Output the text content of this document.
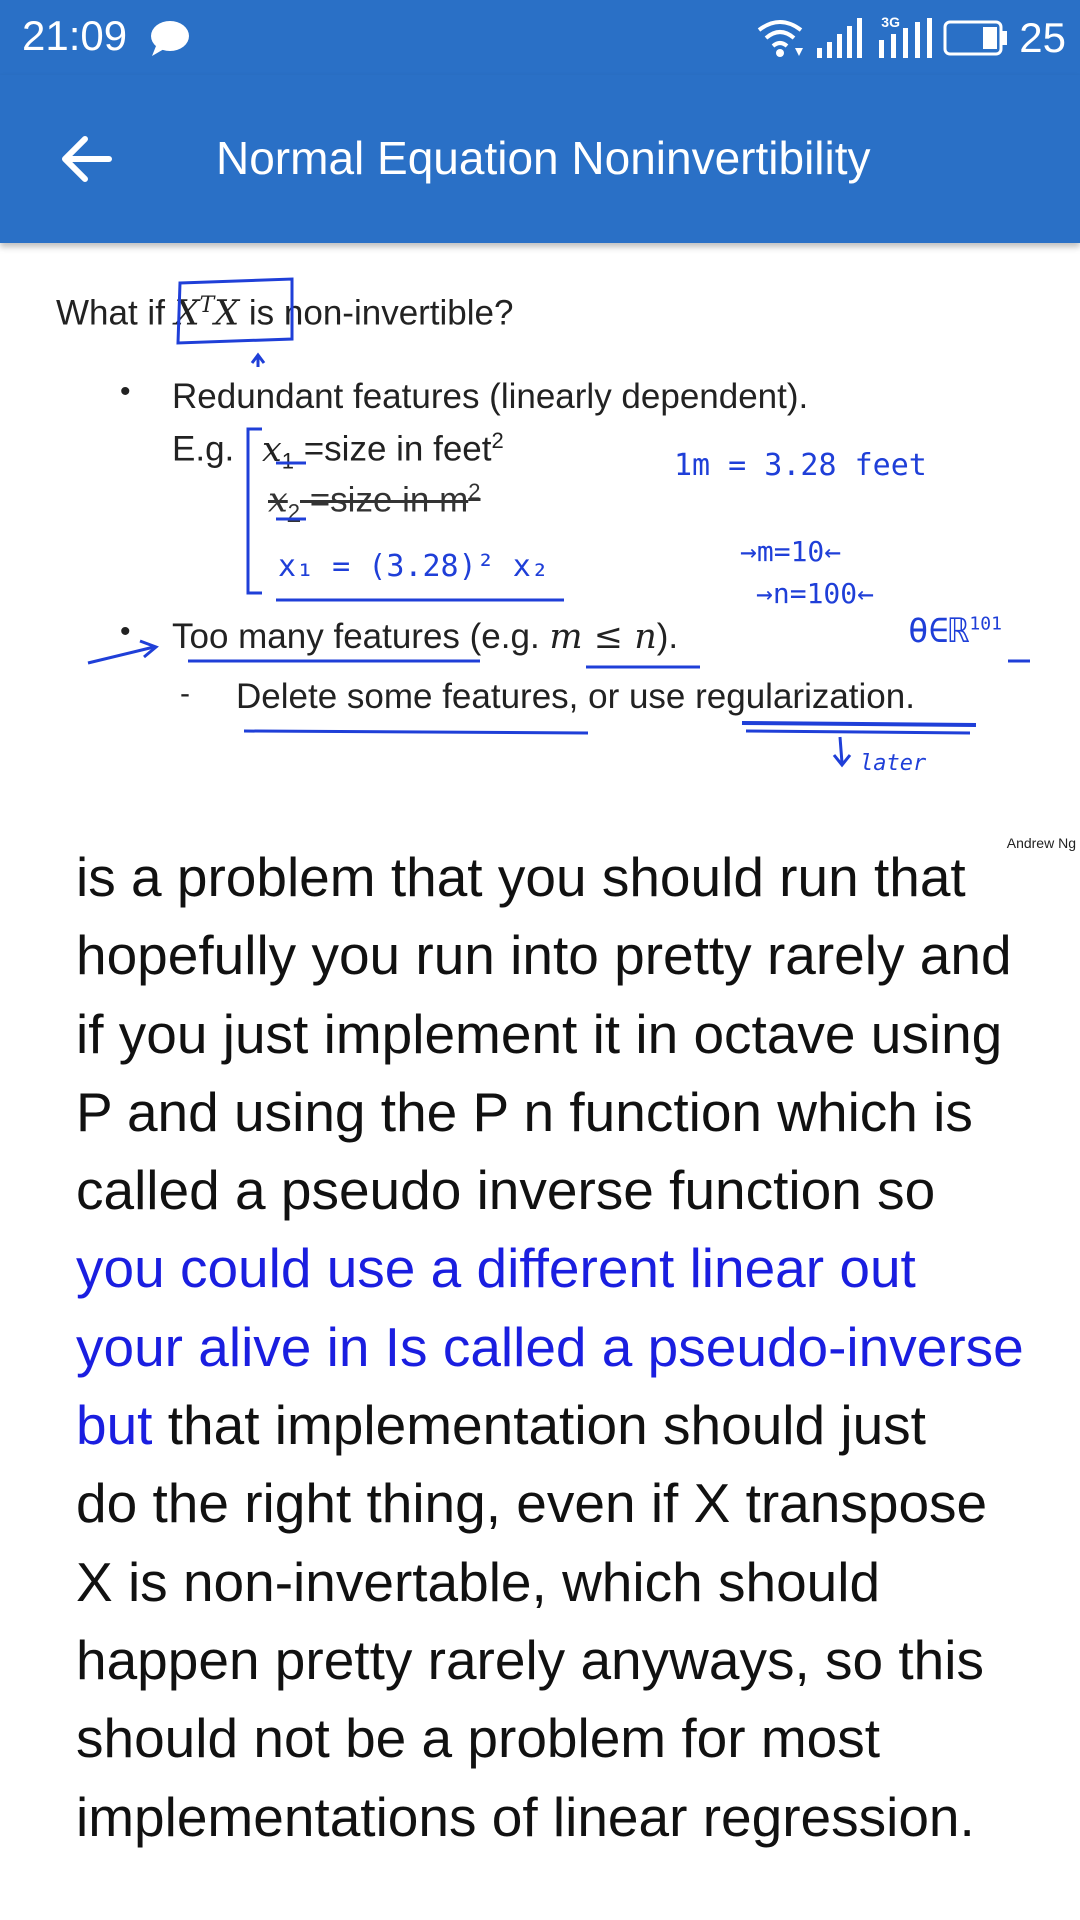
21:09	3G	25
Normal Equation Noninvertibility
What if $X^TX$ is non-invertible?
• Redundant features (linearly dependent).
E.g. $x_1$ =size in feet$^2$
$x_2$ =size in $m^2$
• Too many features (e.g. m ≤ n).
- Delete some features, or use regularization.
1m = 3.28 feet
x₁ = (3.28)² x₂	→m=10←
→n=100←
θ∈ℝ$^{101}$
later
Andrew Ng
is a problem that you should run that
hopefully you run into pretty rarely and
if you just implement it in octave using
P and using the P n function which is
called a pseudo inverse function so
you could use a different linear out
your alive in Is called a pseudo-inverse
but that implementation should just
do the right thing, even if X transpose
X is non-invertable, which should
happen pretty rarely anyways, so this
should not be a problem for most
implementations of linear regression.
